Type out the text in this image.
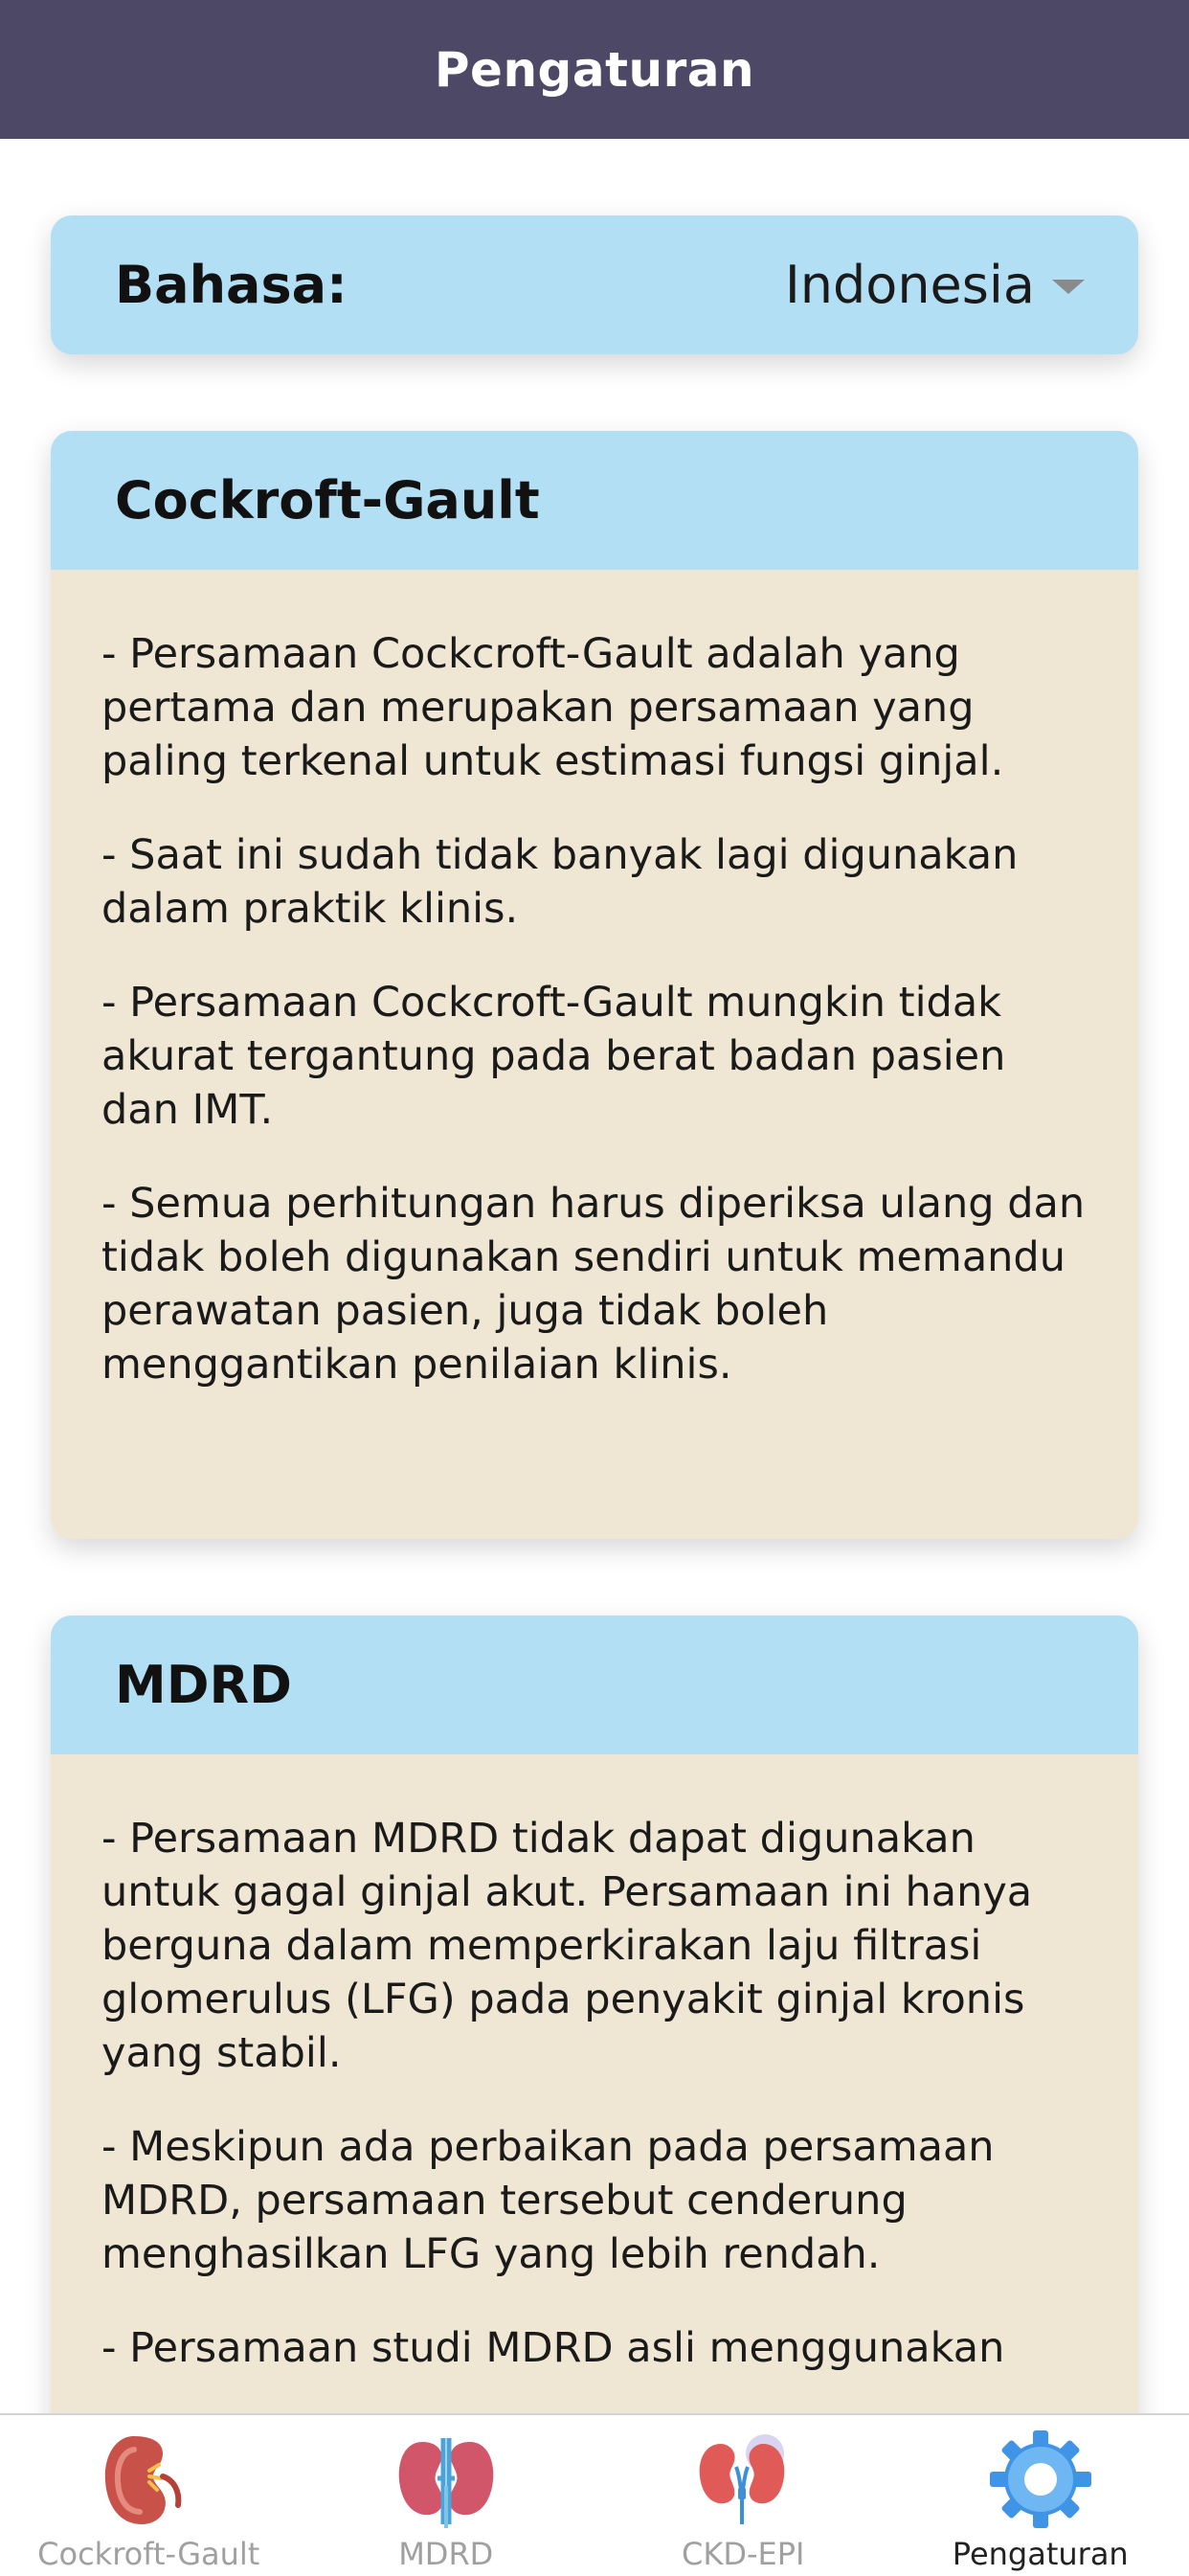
Pengaturan
Bahasa:	Indonesia
Cockroft-Gault

- Persamaan Cockcroft-Gault adalah yang pertama dan merupakan persamaan yang paling terkenal untuk estimasi fungsi ginjal.

- Saat ini sudah tidak banyak lagi digunakan dalam praktik klinis.

- Persamaan Cockcroft-Gault mungkin tidak akurat tergantung pada berat badan pasien dan IMT.

- Semua perhitungan harus diperiksa ulang dan tidak boleh digunakan sendiri untuk memandu perawatan pasien, juga tidak boleh menggantikan penilaian klinis.

MDRD

- Persamaan MDRD tidak dapat digunakan untuk gagal ginjal akut. Persamaan ini hanya berguna dalam memperkirakan laju filtrasi glomerulus (LFG) pada penyakit ginjal kronis yang stabil.

- Meskipun ada perbaikan pada persamaan MDRD, persamaan tersebut cenderung menghasilkan LFG yang lebih rendah.

- Persamaan studi MDRD asli menggunakan

Cockroft-Gault	MDRD	CKD-EPI	Pengaturan
